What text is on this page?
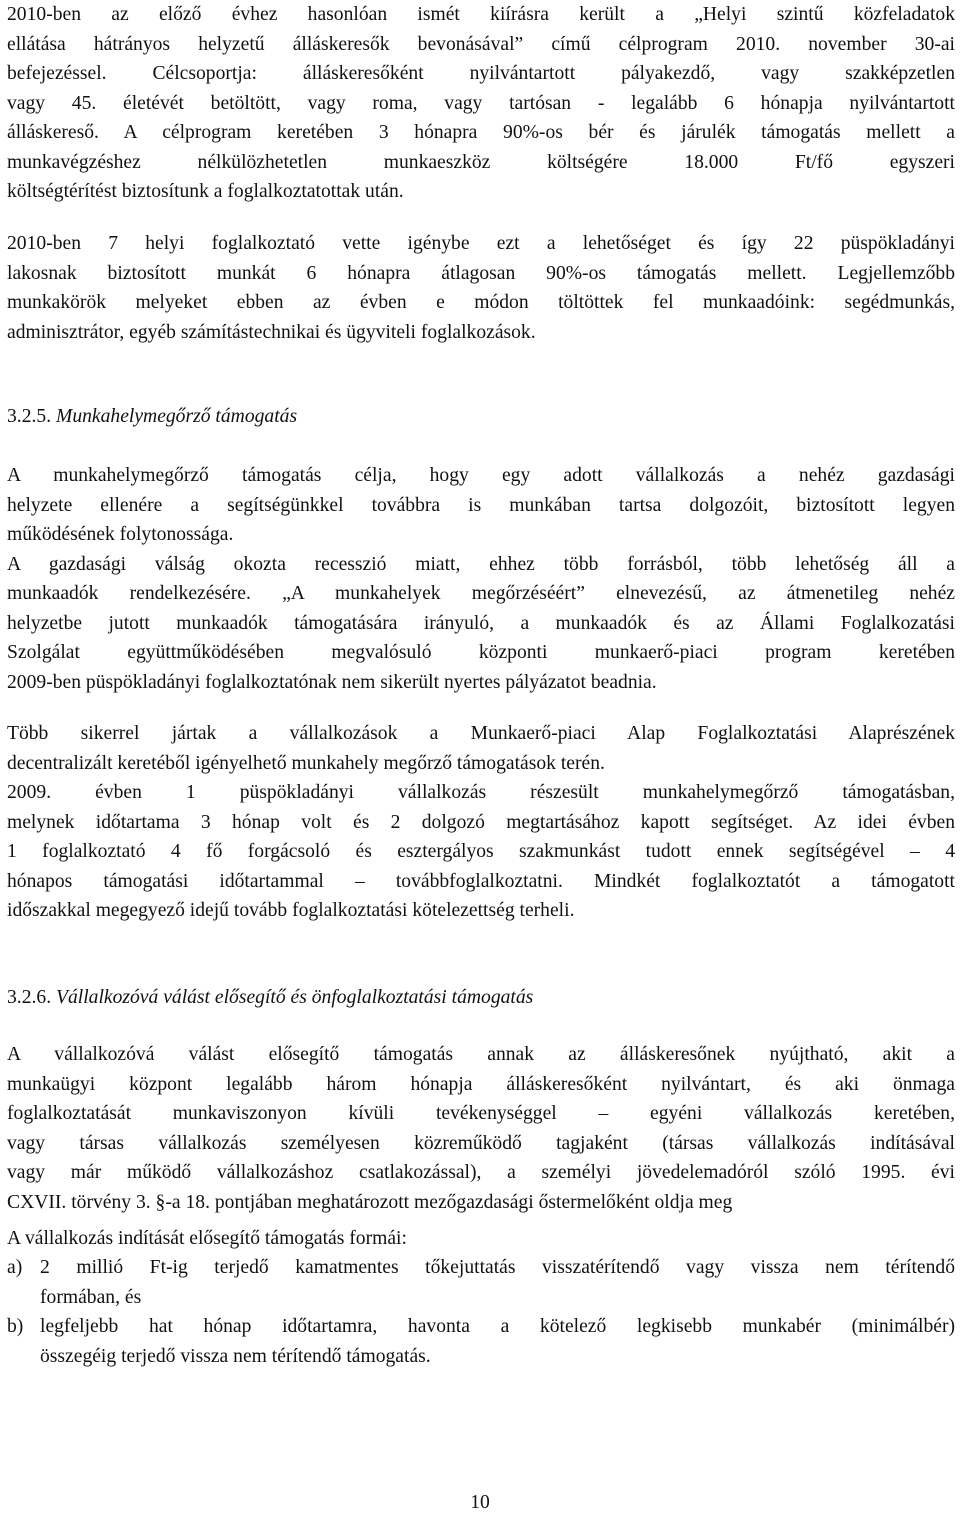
2010-ben az előző évhez hasonlóan ismét kiírásra került a „Helyi szintű közfeladatok
ellátása hátrányos helyzetű álláskeresők bevonásával” című célprogram 2010. november 30-ai
befejezéssel. Célcsoportja: álláskeresőként nyilvántartott pályakezdő, vagy szakképzetlen
vagy 45. életévét betöltött, vagy roma, vagy tartósan - legalább 6 hónapja nyilvántartott
álláskereső. A célprogram keretében 3 hónapra 90%-os bér és járulék támogatás mellett a
munkavégzéshez nélkülözhetetlen munkaeszköz költségére 18.000 Ft/fő egyszeri
költségtérítést biztosítunk a foglalkoztatottak után.
2010-ben 7 helyi foglalkoztató vette igénybe ezt a lehetőséget és így 22 püspökladányi
lakosnak biztosított munkát 6 hónapra átlagosan 90%-os támogatás mellett. Legjellemzőbb
munkakörök melyeket ebben az évben e módon töltöttek fel munkaadóink: segédmunkás,
adminisztrátor, egyéb számítástechnikai és ügyviteli foglalkozások.
3.2.5. Munkahelymegőrző támogatás
A munkahelymegőrző támogatás célja, hogy egy adott vállalkozás a nehéz gazdasági
helyzete ellenére a segítségünkkel továbbra is munkában tartsa dolgozóit, biztosított legyen
működésének folytonossága.
A gazdasági válság okozta recesszió miatt, ehhez több forrásból, több lehetőség áll a
munkaadók rendelkezésére. „A munkahelyek megőrzéséért” elnevezésű, az átmenetileg nehéz
helyzetbe jutott munkaadók támogatására irányuló, a munkaadók és az Állami Foglalkozatási
Szolgálat együttműködésében megvalósuló központi munkaerő-piaci program keretében
2009-ben püspökladányi foglalkoztatónak nem sikerült nyertes pályázatot beadnia.
Több sikerrel jártak a vállalkozások a Munkaerő-piaci Alap Foglalkoztatási Alaprészének
decentralizált keretéből igényelhető munkahely megőrző támogatások terén.
2009. évben 1 püspökladányi vállalkozás részesült munkahelymegőrző támogatásban,
melynek időtartama 3 hónap volt és 2 dolgozó megtartásához kapott segítséget. Az idei évben
1 foglalkoztató 4 fő forgácsoló és esztergályos szakmunkást tudott ennek segítségével – 4
hónapos támogatási időtartammal – továbbfoglalkoztatni. Mindkét foglalkoztatót a támogatott
időszakkal megegyező idejű tovább foglalkoztatási kötelezettség terheli.
3.2.6. Vállalkozóvá válást elősegítő és önfoglalkoztatási támogatás
A vállalkozóvá válást elősegítő támogatás annak az álláskeresőnek nyújtható, akit a
munkaügyi központ legalább három hónapja álláskeresőként nyilvántart, és aki önmaga
foglalkoztatását munkaviszonyon kívüli tevékenységgel – egyéni vállalkozás keretében,
vagy társas vállalkozás személyesen közreműködő tagjaként (társas vállalkozás indításával
vagy már működő vállalkozáshoz csatlakozással), a személyi jövedelemadóról szóló 1995. évi
CXVII. törvény 3. §-a 18. pontjában meghatározott mezőgazdasági őstermelőként oldja meg
A vállalkozás indítását elősegítő támogatás formái:
a) 2 millió Ft-ig terjedő kamatmentes tőkejuttatás visszatérítendő vagy vissza nem térítendő
formában, és
b) legfeljebb hat hónap időtartamra, havonta a kötelező legkisebb munkabér (minimálbér)
összegéig terjedő vissza nem térítendő támogatás.
10
